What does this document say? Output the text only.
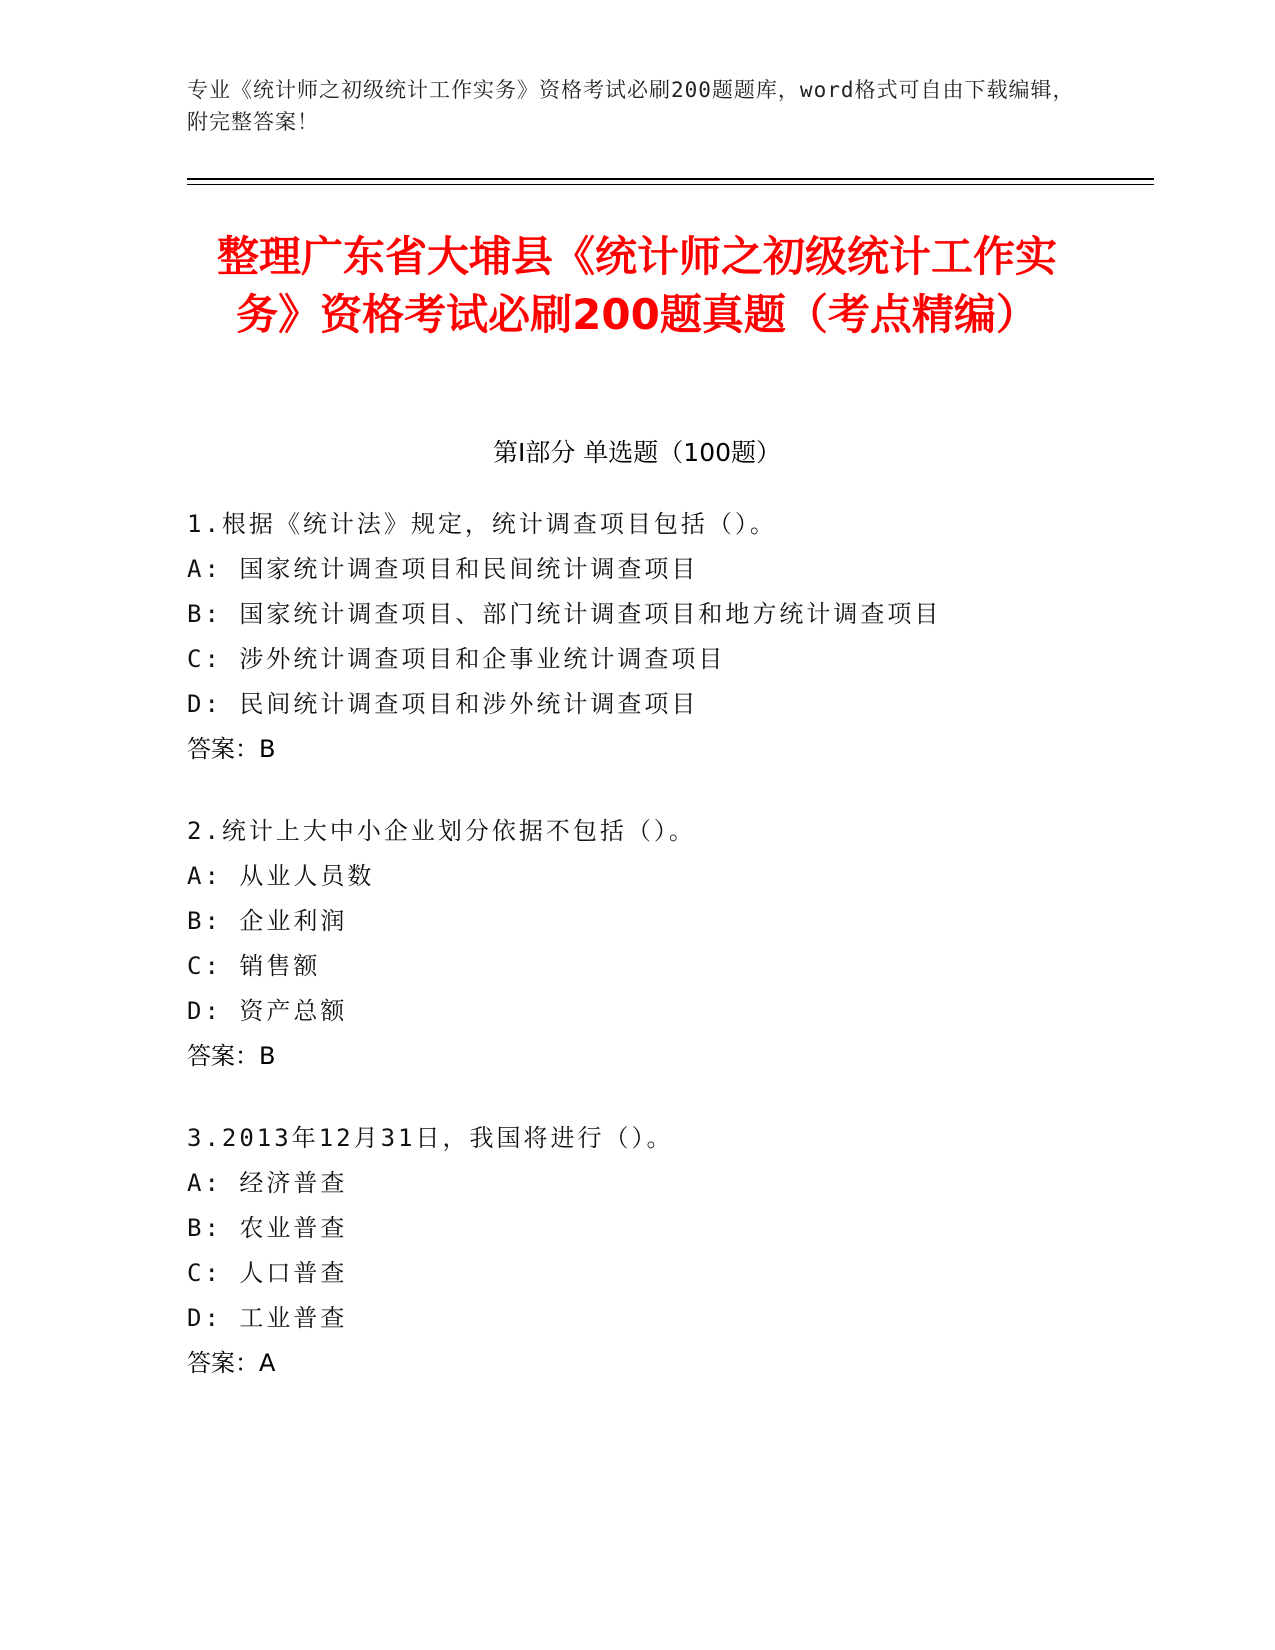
专业《统计师之初级统计工作实务》资格考试必刷200题题库，word格式可自由下载编辑，附完整答案！
整理广东省大埔县《统计师之初级统计工作实务》资格考试必刷200题真题（考点精编）
第I部分 单选题（100题）
1.根据《统计法》规定，统计调查项目包括（）。
A: 国家统计调查项目和民间统计调查项目
B: 国家统计调查项目、部门统计调查项目和地方统计调查项目
C: 涉外统计调查项目和企事业统计调查项目
D: 民间统计调查项目和涉外统计调查项目
答案：B
2.统计上大中小企业划分依据不包括（）。
A: 从业人员数
B: 企业利润
C: 销售额
D: 资产总额
答案：B
3.2013年12月31日，我国将进行（）。
A: 经济普查
B: 农业普查
C: 人口普查
D: 工业普查
答案：A
